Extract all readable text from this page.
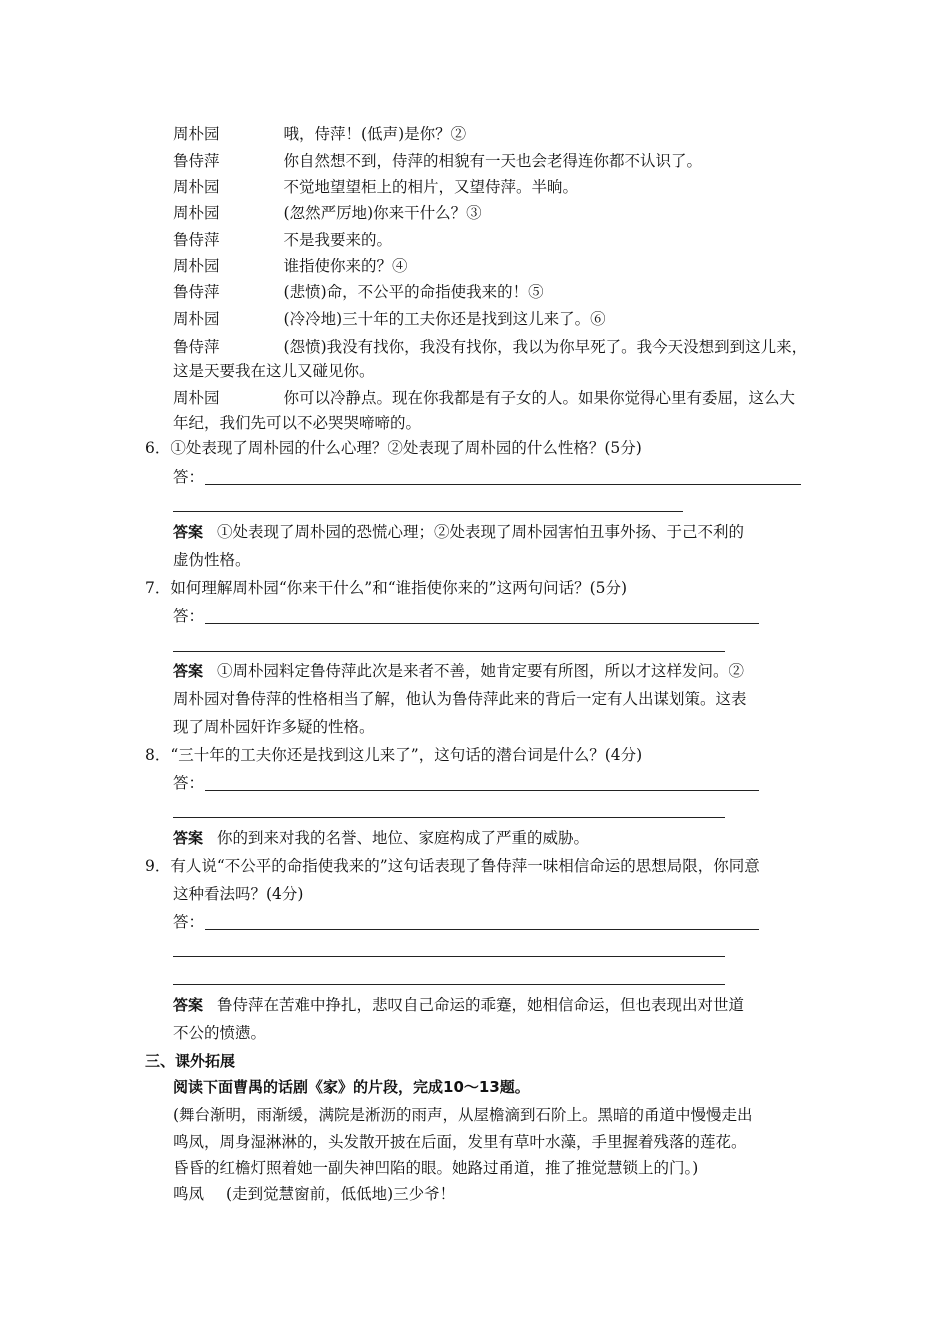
周朴园	哦，侍萍！(低声)是你？②
鲁侍萍	你自然想不到，侍萍的相貌有一天也会老得连你都不认识了。
周朴园	不觉地望望柜上的相片，又望侍萍。半晌。
周朴园	(忽然严厉地)你来干什么？③
鲁侍萍	不是我要来的。
周朴园	谁指使你来的？④
鲁侍萍	(悲愤)命，不公平的命指使我来的！⑤
周朴园	(冷冷地)三十年的工夫你还是找到这儿来了。⑥
鲁侍萍	(怨愤)我没有找你，我没有找你，我以为你早死了。我今天没想到到这儿来，
这是天要我在这儿又碰见你。
周朴园	你可以冷静点。现在你我都是有子女的人。如果你觉得心里有委屈，这么大
年纪，我们先可以不必哭哭啼啼的。
6．①处表现了周朴园的什么心理？②处表现了周朴园的什么性格？(5分)
答：
答案 ①处表现了周朴园的恐慌心理；②处表现了周朴园害怕丑事外扬、于己不利的
虚伪性格。
7．如何理解周朴园“你来干什么”和“谁指使你来的”这两句问话？(5分)
答：
答案 ①周朴园料定鲁侍萍此次是来者不善，她肯定要有所图，所以才这样发问。②
周朴园对鲁侍萍的性格相当了解，他认为鲁侍萍此来的背后一定有人出谋划策。这表
现了周朴园奸诈多疑的性格。
8．“三十年的工夫你还是找到这儿来了”，这句话的潜台词是什么？(4分)
答：
答案 你的到来对我的名誉、地位、家庭构成了严重的威胁。
9．有人说“不公平的命指使我来的”这句话表现了鲁侍萍一味相信命运的思想局限，你同意
这种看法吗？(4分)
答：
答案 鲁侍萍在苦难中挣扎，悲叹自己命运的乖蹇，她相信命运，但也表现出对世道
不公的愤懑。
三、课外拓展
阅读下面曹禺的话剧《家》的片段，完成10～13题。
(舞台渐明，雨渐缓，满院是淅沥的雨声，从屋檐滴到石阶上。黑暗的甬道中慢慢走出
鸣凤，周身湿淋淋的，头发散开披在后面，发里有草叶水藻，手里握着残落的莲花。
昏昏的红檐灯照着她一副失神凹陷的眼。她路过甬道，推了推觉慧锁上的门。)
鸣凤 (走到觉慧窗前，低低地)三少爷！
